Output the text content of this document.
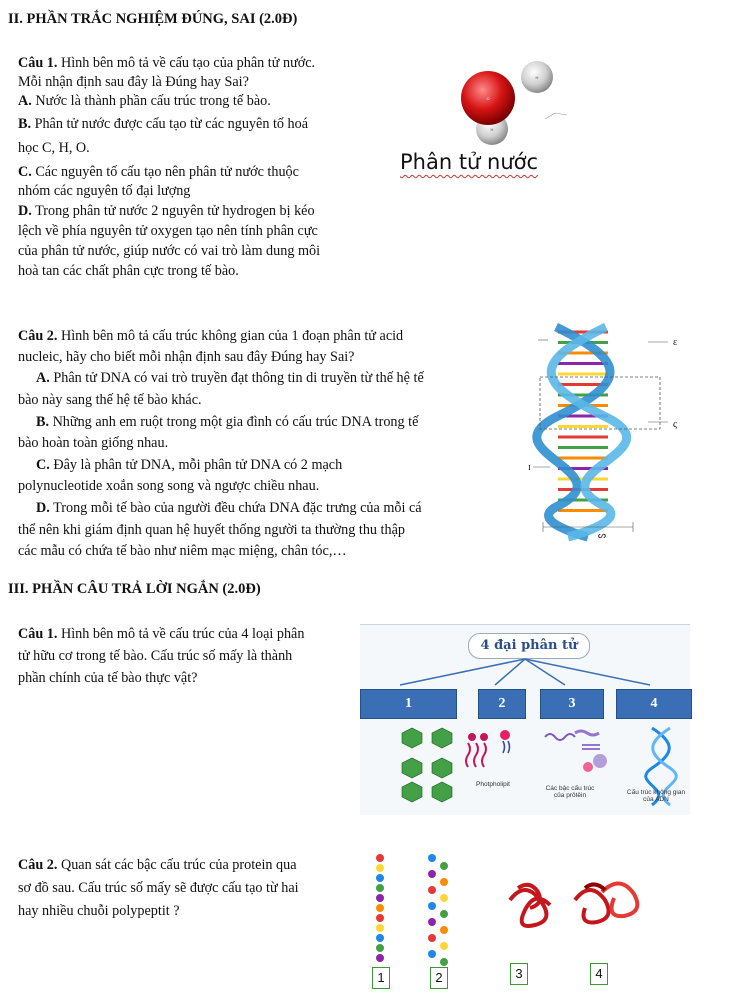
II. PHẦN TRẮC NGHIỆM ĐÚNG, SAI (2.0Đ)
Câu 1. Hình bên mô tả về cấu tạo của phân tử nước.
Mỗi nhận định sau đây là Đúng hay Sai?
A. Nước là thành phần cấu trúc trong tế bào.
B. Phân tử nước được cấu tạo từ các nguyên tố hoá
học C, H, O.
C. Các nguyên tố cấu tạo nên phân tử nước thuộc
nhóm các nguyên tố đại lượng
D. Trong phân tử nước 2 nguyên tử hydrogen bị kéo
lệch về phía nguyên tử oxygen tạo nên tính phân cực
của phân tử nước, giúp nước có vai trò làm dung môi
hoà tan các chất phân cực trong tế bào.
H
O
H
·
Phân tử nước
Câu 2. Hình bên mô tả cấu trúc không gian của 1 đoạn phân tử acid
nucleic, hãy cho biết mỗi nhận định sau đây Đúng hay Sai?
A. Phân tử DNA có vai trò truyền đạt thông tin di truyền từ thế hệ tế
bào này sang thế hệ tế bào khác.
B. Những anh em ruột trong một gia đình có cấu trúc DNA trong tế
bào hoàn toàn giống nhau.
C. Đây là phân tử DNA, mỗi phân tử DNA có 2 mạch
polynucleotide xoắn song song và ngược chiều nhau.
D. Trong mỗi tế bào của người đều chứa DNA đặc trưng của mỗi cá
thể nên khi giám định quan hệ huyết thống người ta thường thu thập
các mẫu có chứa tế bào như niêm mạc miệng, chân tóc,…
ε
ς
ɪ
ᔕ
III. PHẦN CÂU TRẢ LỜI NGẮN (2.0Đ)
Câu 1. Hình bên mô tả về cấu trúc của 4 loại phân
tử hữu cơ trong tế bào. Cấu trúc số mấy là thành
phần chính của tế bào thực vật?
4 đại phân tử
1	2	3	4
Photpholipit
Các bậc cấu trúc của prôtêin	Cấu trúc không gian của ADN
Câu 2. Quan sát các bậc cấu trúc của protein qua
sơ đồ sau. Cấu trúc số mấy sẽ được cấu tạo từ hai
hay nhiều chuỗi polypeptit ?
1	2	3	4
